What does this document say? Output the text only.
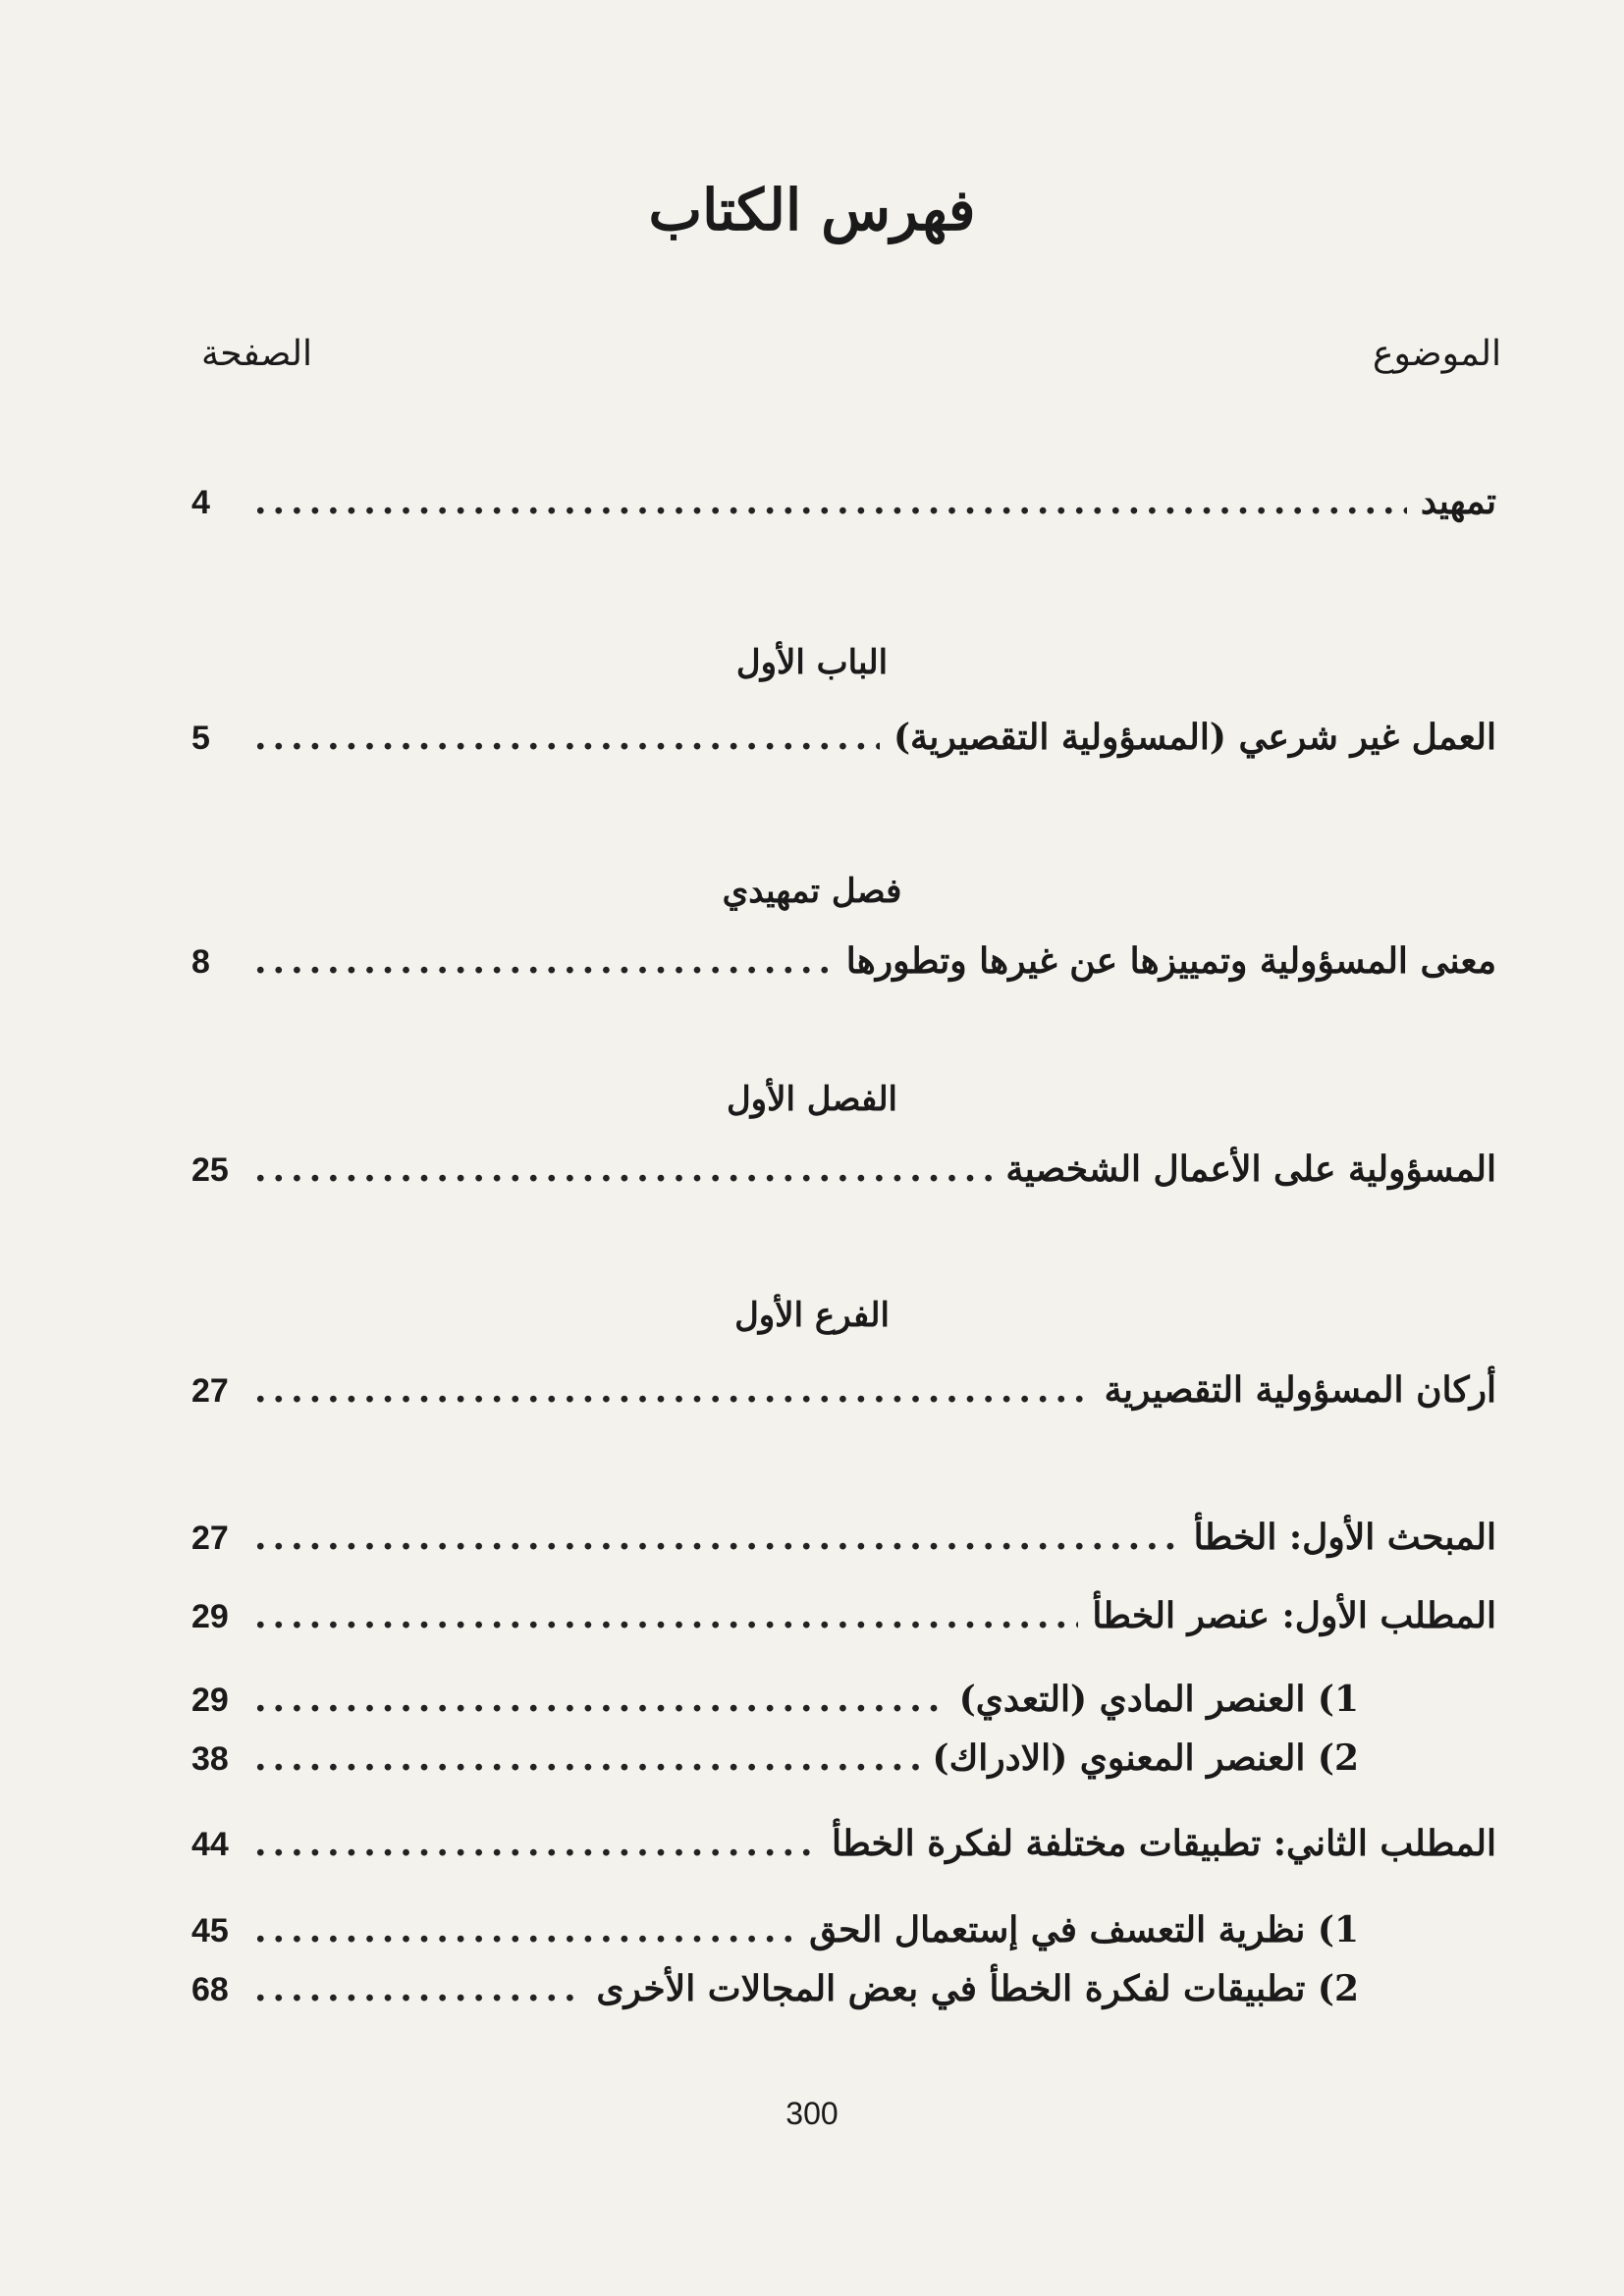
فهرس الكتاب
الموضوع
الصفحة
تمهيد
.....
4
الباب الأول
العمل غير شرعي (المسؤولية التقصيرية)
.....
5
فصل تمهيدي
معنى المسؤولية وتمييزها عن غيرها وتطورها
.....
8
الفصل الأول
المسؤولية على الأعمال الشخصية
.....
25
الفرع الأول
أركان المسؤولية التقصيرية
.....
27
المبحث الأول: الخطأ
.....
27
المطلب الأول: عنصر الخطأ
.....
29
1) العنصر المادي (التعدي)
.....
29
2) العنصر المعنوي (الادراك)
.....
38
المطلب الثاني: تطبيقات مختلفة لفكرة الخطأ
.....
44
1) نظرية التعسف في إستعمال الحق
.....
45
2) تطبيقات لفكرة الخطأ في بعض المجالات الأخرى
.....
68
300
